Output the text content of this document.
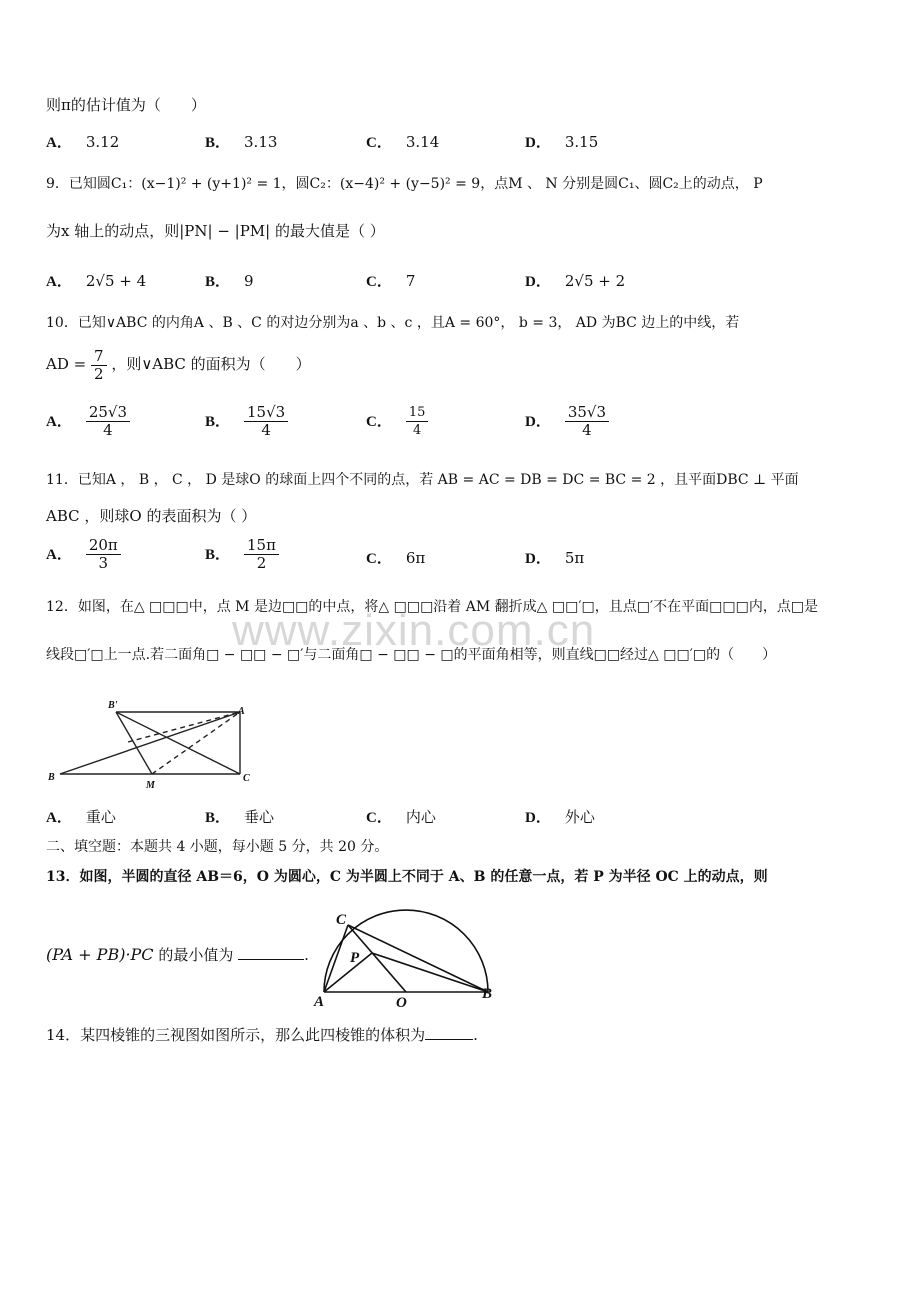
www.zixin.com.cn
则π的估计值为（　　）
A． 3.12	B． 3.13	C． 3.14	D． 3.15
9．已知圆C₁：(x−1)² + (y+1)² = 1，圆C₂：(x−4)² + (y−5)² = 9，点M 、 N 分别是圆C₁、圆C₂上的动点， P
为x 轴上的动点，则|PN| − |PM| 的最大值是（ ）
A． 2√5 + 4	B． 9	C． 7	D． 2√5 + 2
10．已知∨ABC 的内角A 、B 、C 的对边分别为a 、b 、c ，且A = 60°， b = 3， AD 为BC 边上的中线，若
AD = $\frac{7}{2}$ ，则∨ABC 的面积为（　　）
A． $\frac{25√3}{4}$	B． $\frac{15√3}{4}$	C． $\frac{15}{4}$	D． $\frac{35√3}{4}$
11．已知A ， B ， C ， D 是球O 的球面上四个不同的点，若 AB = AC = DB = DC = BC = 2 ，且平面DBC ⊥ 平面
ABC ，则球O 的表面积为（ ）
A． $\frac{20\pi}{3}$	B． $\frac{15\pi}{2}$	C． 6π	D． 5π
12．如图，在△ □□□中，点 M 是边□□的中点，将△ □□□沿着 AM 翻折成△ □□′□，且点□′不在平面□□□内，点□是
线段□′□上一点.若二面角□ − □□ − □′与二面角□ − □□ − □的平面角相等，则直线□□经过△ □□′□的（　　）
B'
A
B
M
C
A． 重心	B． 垂心	C． 内心	D． 外心
二、填空题：本题共 4 小题，每小题 5 分，共 20 分。
13．如图，半圆的直径 AB＝6，O 为圆心，C 为半圆上不同于 A、B 的任意一点，若 P 为半径 OC 上的动点，则
(PA + PB)·PC 的最小值为	.
C
P
A	O
B
14．某四棱锥的三视图如图所示，那么此四棱锥的体积为	.
